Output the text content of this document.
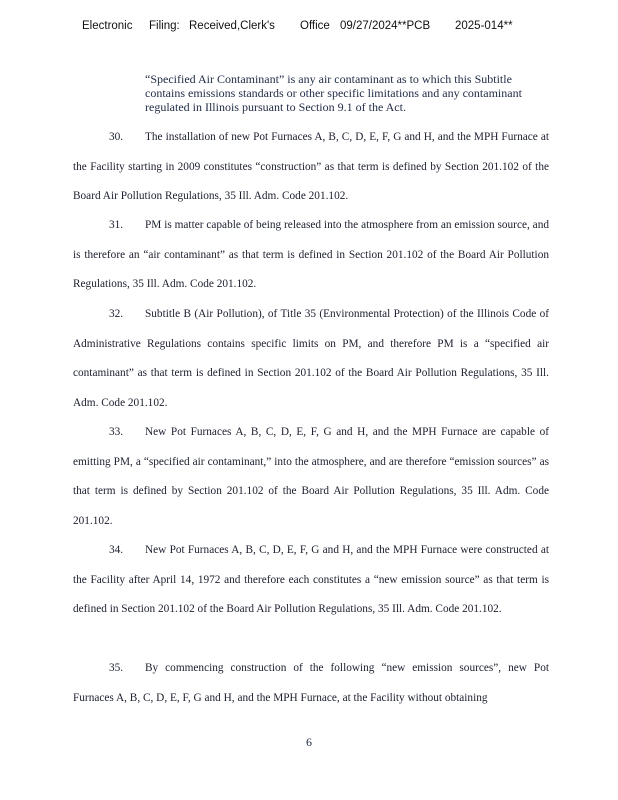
Electronic Filing: Received,Clerk's Office 09/27/2024**PCB 2025-014**
“Specified Air Contaminant” is any air contaminant as to which this Subtitle contains emissions standards or other specific limitations and any contaminant regulated in Illinois pursuant to Section 9.1 of the Act.
30. The installation of new Pot Furnaces A, B, C, D, E, F, G and H, and the MPH Furnace at the Facility starting in 2009 constitutes “construction” as that term is defined by Section 201.102 of the Board Air Pollution Regulations, 35 Ill. Adm. Code 201.102.
31. PM is matter capable of being released into the atmosphere from an emission source, and is therefore an “air contaminant” as that term is defined in Section 201.102 of the Board Air Pollution Regulations, 35 Ill. Adm. Code 201.102.
32. Subtitle B (Air Pollution), of Title 35 (Environmental Protection) of the Illinois Code of Administrative Regulations contains specific limits on PM, and therefore PM is a “specified air contaminant” as that term is defined in Section 201.102 of the Board Air Pollution Regulations, 35 Ill. Adm. Code 201.102.
33. New Pot Furnaces A, B, C, D, E, F, G and H, and the MPH Furnace are capable of emitting PM, a “specified air contaminant,” into the atmosphere, and are therefore “emission sources” as that term is defined by Section 201.102 of the Board Air Pollution Regulations, 35 Ill. Adm. Code 201.102.
34. New Pot Furnaces A, B, C, D, E, F, G and H, and the MPH Furnace were constructed at the Facility after April 14, 1972 and therefore each constitutes a “new emission source” as that term is defined in Section 201.102 of the Board Air Pollution Regulations, 35 Ill. Adm. Code 201.102.
35. By commencing construction of the following “new emission sources”, new Pot Furnaces A, B, C, D, E, F, G and H, and the MPH Furnace, at the Facility without obtaining
6
